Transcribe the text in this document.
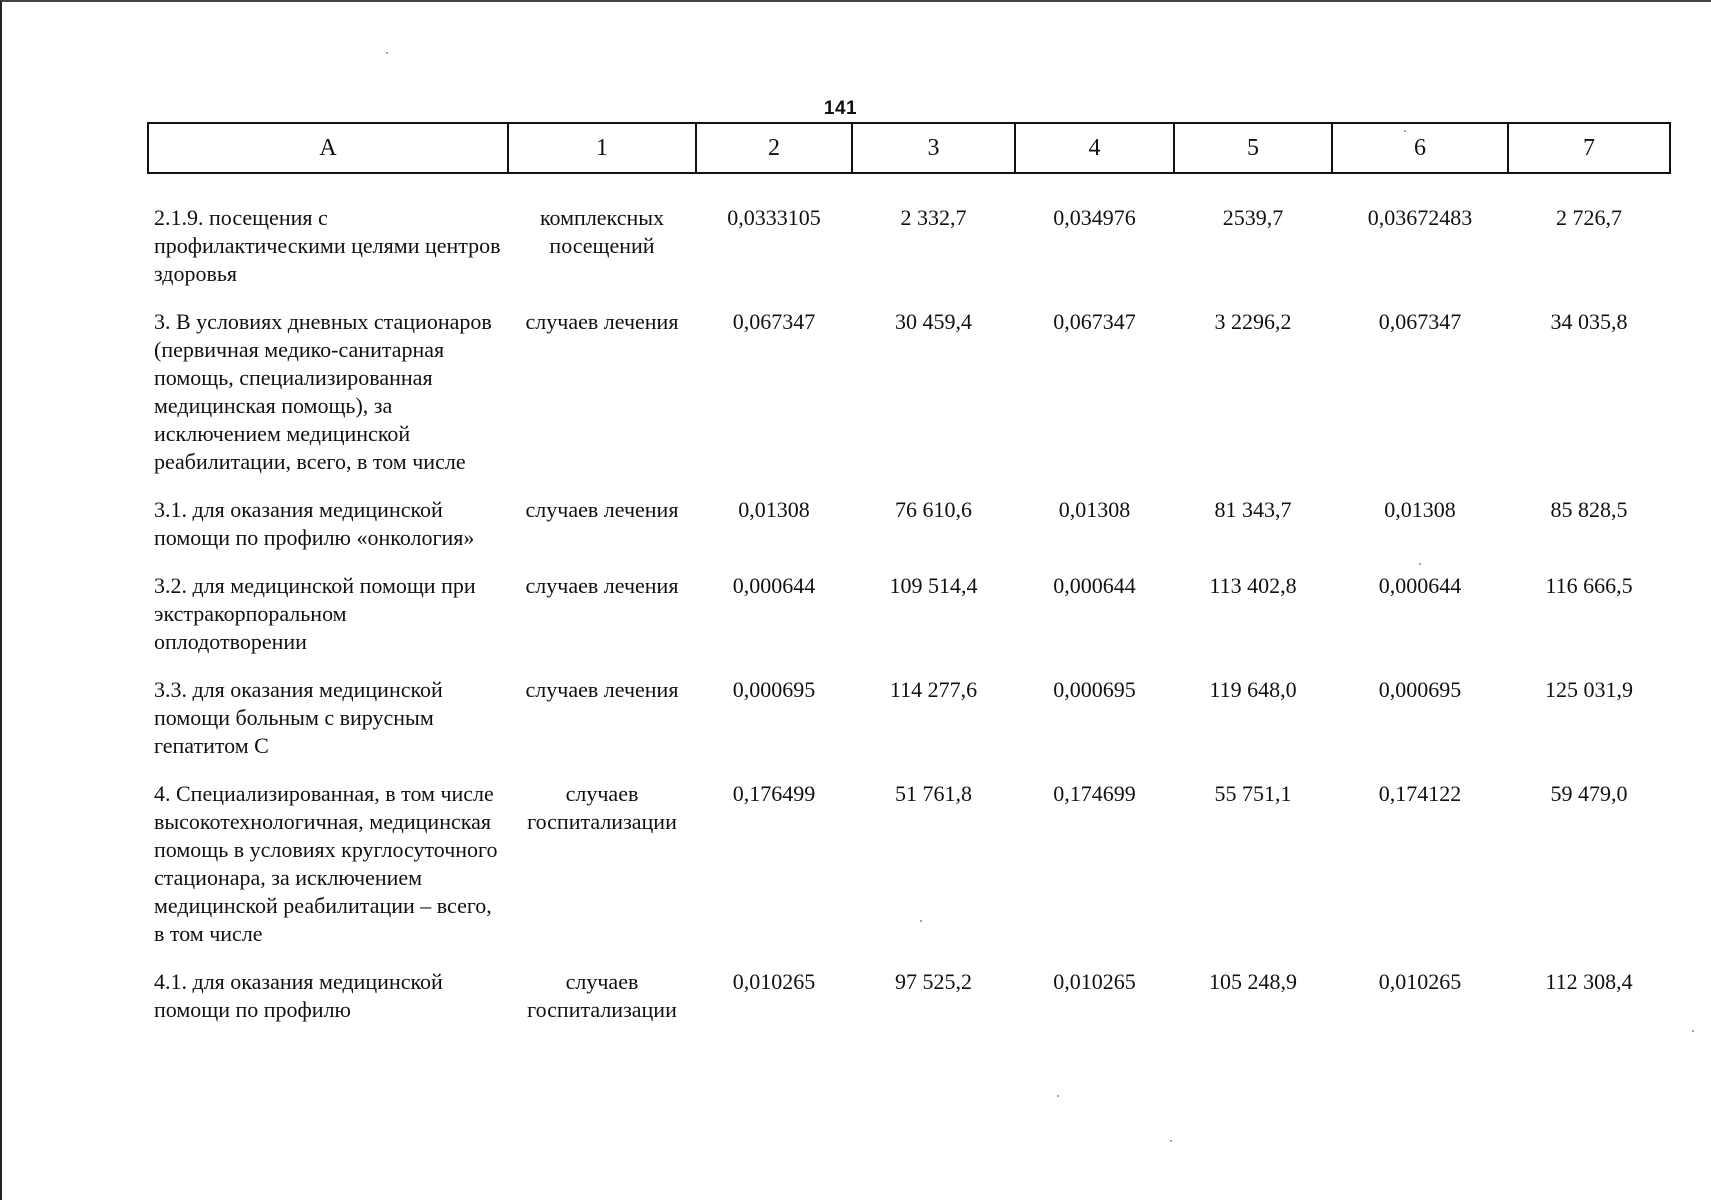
141
А	1	2	3	4	5	6	7

2.1.9. посещения с профилактическими целями центров здоровья	комплексных посещений	0,0333105	2 332,7	0,034976	2539,7	0,03672483	2 726,7
3. В условиях дневных стационаров (первичная медико-санитарная помощь, специализированная медицинская помощь), за исключением медицинской реабилитации, всего, в том числе	случаев лечения	0,067347	30 459,4	0,067347	3 2296,2	0,067347	34 035,8
3.1. для оказания медицинской помощи по профилю «онкология»	случаев лечения	0,01308	76 610,6	0,01308	81 343,7	0,01308	85 828,5
3.2. для медицинской помощи при экстракорпоральном оплодотворении	случаев лечения	0,000644	109 514,4	0,000644	113 402,8	0,000644	116 666,5
3.3. для оказания медицинской помощи больным с вирусным гепатитом С	случаев лечения	0,000695	114 277,6	0,000695	119 648,0	0,000695	125 031,9
4. Специализированная, в том числе высокотехнологичная, медицинская помощь в условиях круглосуточного стационара, за исключением медицинской реабилитации – всего, в том числе	случаев госпитализации	0,176499	51 761,8	0,174699	55 751,1	0,174122	59 479,0
4.1. для оказания медицинской помощи по профилю	случаев госпитализации	0,010265	97 525,2	0,010265	105 248,9	0,010265	112 308,4
